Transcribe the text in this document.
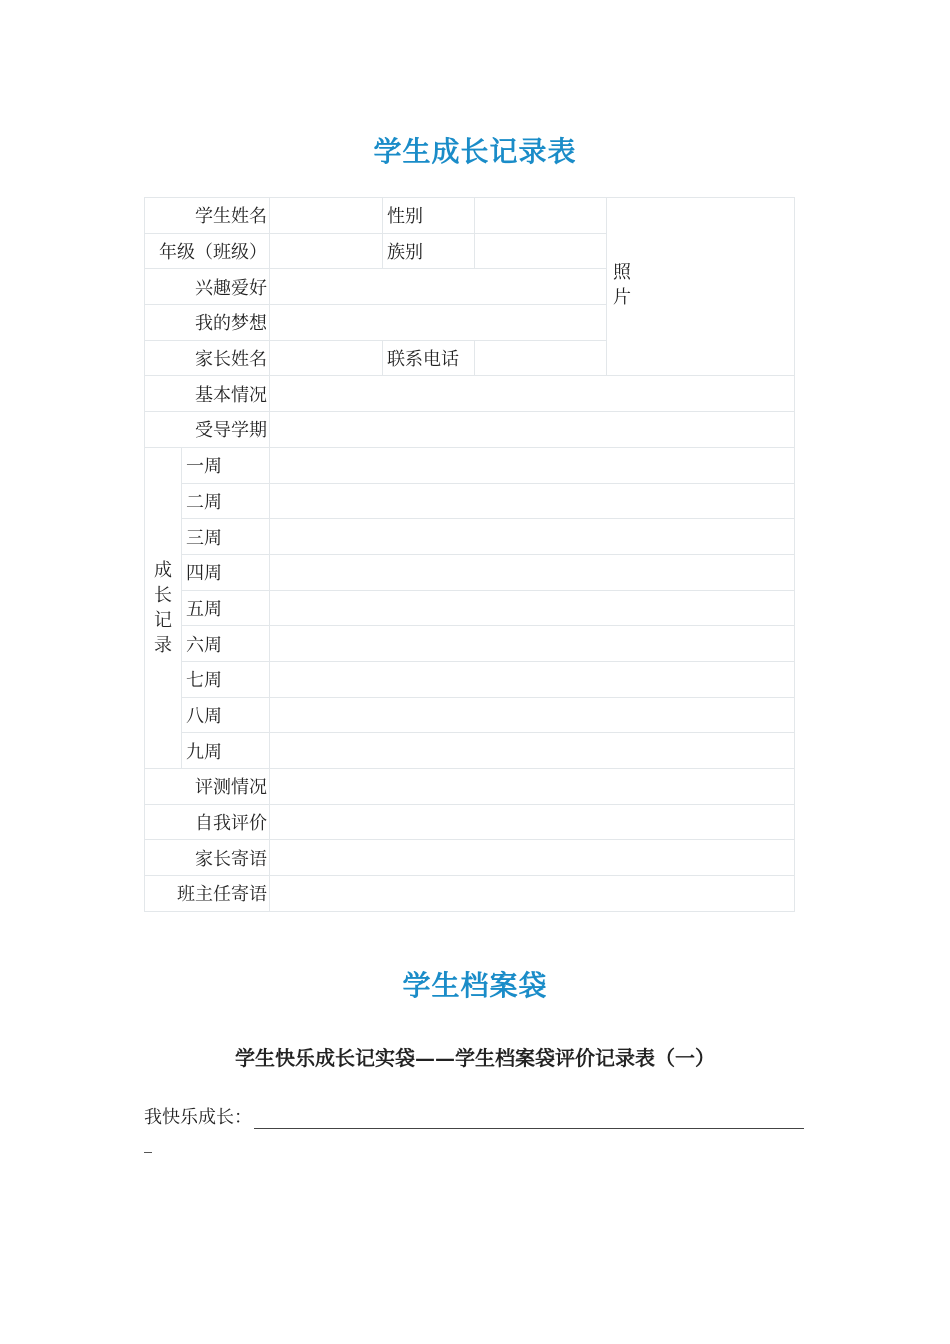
学生成长记录表
学生姓名			性别		照片

年级（班级）			族别		
兴趣爱好					
我的梦想					
家长姓名			联系电话		
基本情况					
受导学期					

成长记录	一周				
	二周				
	三周				
	四周				
	五周				
	六周				
	七周				
	八周				
	九周				
评测情况					
自我评价					
家长寄语					
班主任寄语					
学生档案袋
学生快乐成长记实袋——学生档案袋评价记录表（一）
我快乐成长：
